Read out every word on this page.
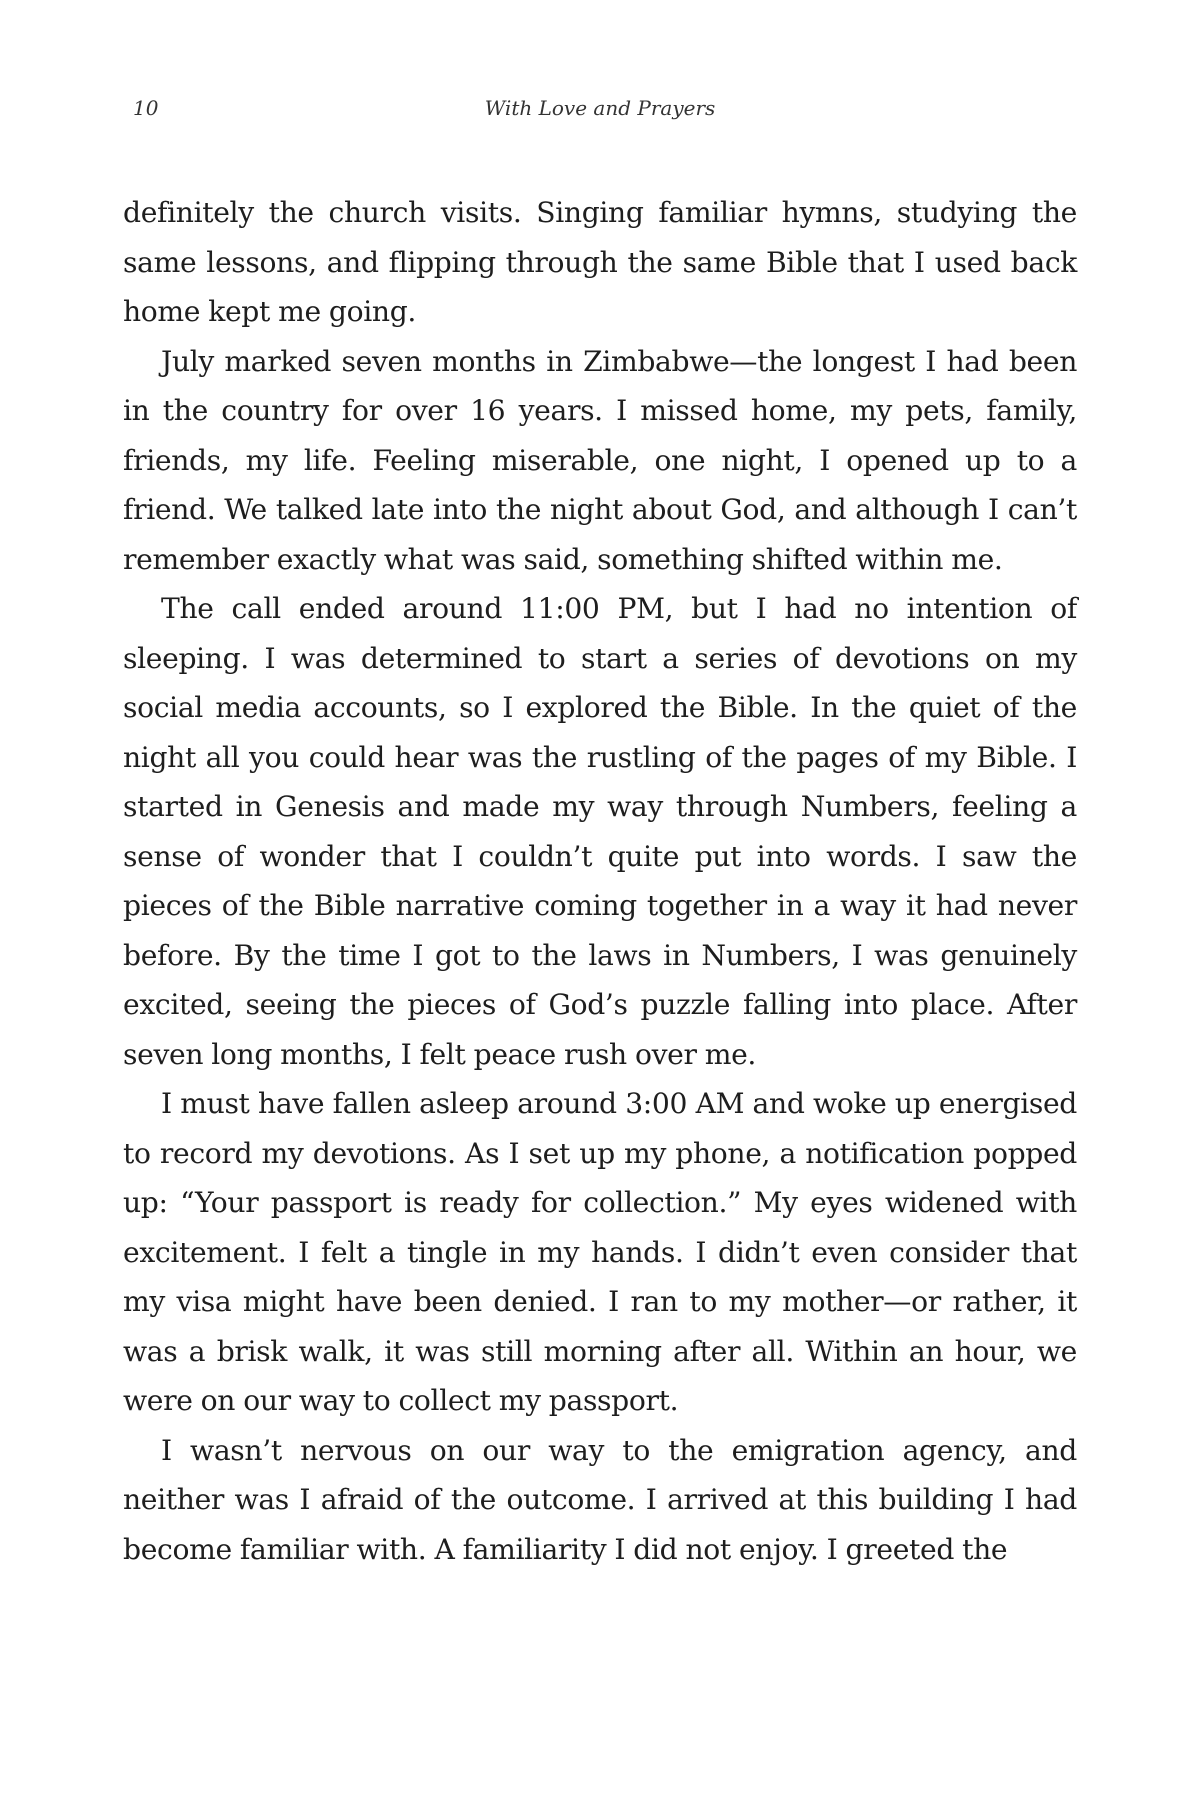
10	With Love and Prayers

definitely the church visits. Singing familiar hymns, studying the same lessons, and flipping through the same Bible that I used back home kept me going.

July marked seven months in Zimbabwe—the longest I had been in the country for over 16 years. I missed home, my pets, family, friends, my life. Feeling miserable, one night, I opened up to a friend. We talked late into the night about God, and although I can’t remember exactly what was said, something shifted within me.

The call ended around 11:00 PM, but I had no intention of sleeping. I was determined to start a series of devotions on my social media accounts, so I explored the Bible. In the quiet of the night all you could hear was the rustling of the pages of my Bible. I started in Genesis and made my way through Numbers, feeling a sense of wonder that I couldn’t quite put into words. I saw the pieces of the Bible narrative coming together in a way it had never before. By the time I got to the laws in Numbers, I was genuinely excited, seeing the pieces of God’s puzzle falling into place. After seven long months, I felt peace rush over me.

I must have fallen asleep around 3:00 AM and woke up energised to record my devotions. As I set up my phone, a notification popped up: “Your passport is ready for collection.” My eyes widened with excitement. I felt a tingle in my hands. I didn’t even consider that my visa might have been denied. I ran to my mother—or rather, it was a brisk walk, it was still morning after all. Within an hour, we were on our way to collect my passport.

I wasn’t nervous on our way to the emigration agency, and neither was I afraid of the outcome. I arrived at this building I had become familiar with. A familiarity I did not enjoy. I greeted the
